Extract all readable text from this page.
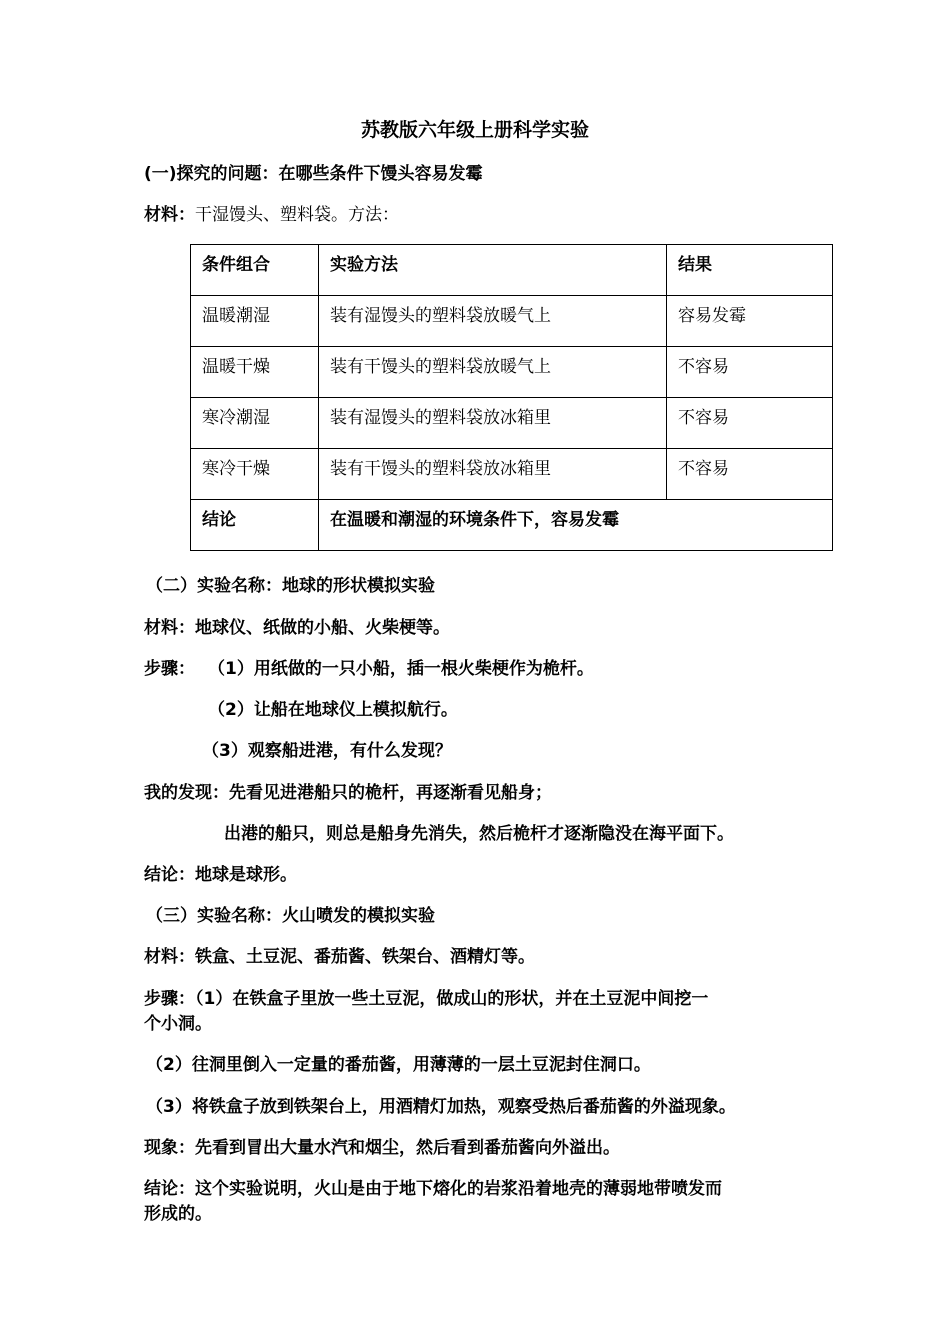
苏教版六年级上册科学实验
(一)探究的问题：在哪些条件下馒头容易发霉
材料：干湿馒头、塑料袋。方法：
条件组合	实验方法	结果
温暖潮湿	装有湿馒头的塑料袋放暖气上	容易发霉
温暖干燥	装有干馒头的塑料袋放暖气上	不容易
寒冷潮湿	装有湿馒头的塑料袋放冰箱里	不容易
寒冷干燥	装有干馒头的塑料袋放冰箱里	不容易
结论	在温暖和潮湿的环境条件下，容易发霉	
（二）实验名称：地球的形状模拟实验
材料：地球仪、纸做的小船、火柴梗等。
步骤： （1）用纸做的一只小船，插一根火柴梗作为桅杆。
（2）让船在地球仪上模拟航行。
（3）观察船进港，有什么发现？
我的发现：先看见进港船只的桅杆，再逐渐看见船身；
出港的船只，则总是船身先消失，然后桅杆才逐渐隐没在海平面下。
结论：地球是球形。
（三）实验名称：火山喷发的模拟实验
材料：铁盒、土豆泥、番茄酱、铁架台、酒精灯等。
步骤：（1）在铁盒子里放一些土豆泥，做成山的形状，并在土豆泥中间挖一
个小洞。
（2）往洞里倒入一定量的番茄酱，用薄薄的一层土豆泥封住洞口。
（3）将铁盒子放到铁架台上，用酒精灯加热，观察受热后番茄酱的外溢现象。
现象：先看到冒出大量水汽和烟尘，然后看到番茄酱向外溢出。
结论：这个实验说明，火山是由于地下熔化的岩浆沿着地壳的薄弱地带喷发而
形成的。
